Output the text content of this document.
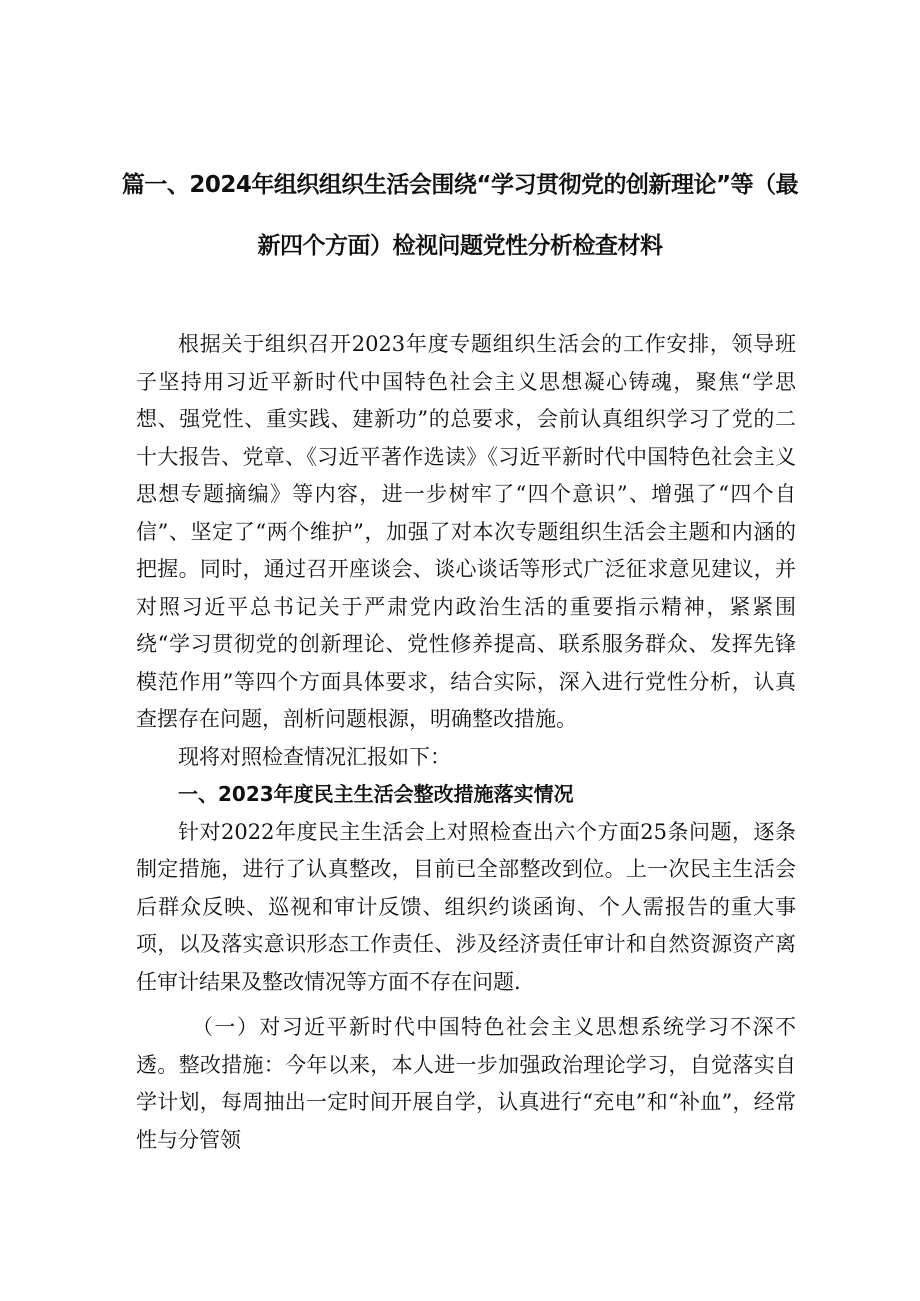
篇一、2024年组织组织生活会围绕“学习贯彻党的创新理论”等（最
新四个方面）检视问题党性分析检查材料

根据关于组织召开2023年度专题组织生活会的工作安排，领导班子坚持用习近平新时代中国特色社会主义思想凝心铸魂，聚焦“学思想、强党性、重实践、建新功”的总要求，会前认真组织学习了党的二十大报告、党章、《习近平著作选读》《习近平新时代中国特色社会主义思想专题摘编》等内容，进一步树牢了“四个意识”、增强了“四个自信”、坚定了“两个维护”，加强了对本次专题组织生活会主题和内涵的把握。同时，通过召开座谈会、谈心谈话等形式广泛征求意见建议，并对照习近平总书记关于严肃党内政治生活的重要指示精神，紧紧围绕“学习贯彻党的创新理论、党性修养提高、联系服务群众、发挥先锋模范作用”等四个方面具体要求，结合实际，深入进行党性分析，认真查摆存在问题，剖析问题根源，明确整改措施。

现将对照检查情况汇报如下：

一、2023年度民主生活会整改措施落实情况

针对2022年度民主生活会上对照检查出六个方面25条问题，逐条制定措施，进行了认真整改，目前已全部整改到位。上一次民主生活会后群众反映、巡视和审计反馈、组织约谈函询、个人需报告的重大事项，以及落实意识形态工作责任、涉及经济责任审计和自然资源资产离任审计结果及整改情况等方面不存在问题.

（一）对习近平新时代中国特色社会主义思想系统学习不深不透。整改措施：今年以来，本人进一步加强政治理论学习，自觉落实自学计划，每周抽出一定时间开展自学，认真进行“充电”和“补血”，经常性与分管领
